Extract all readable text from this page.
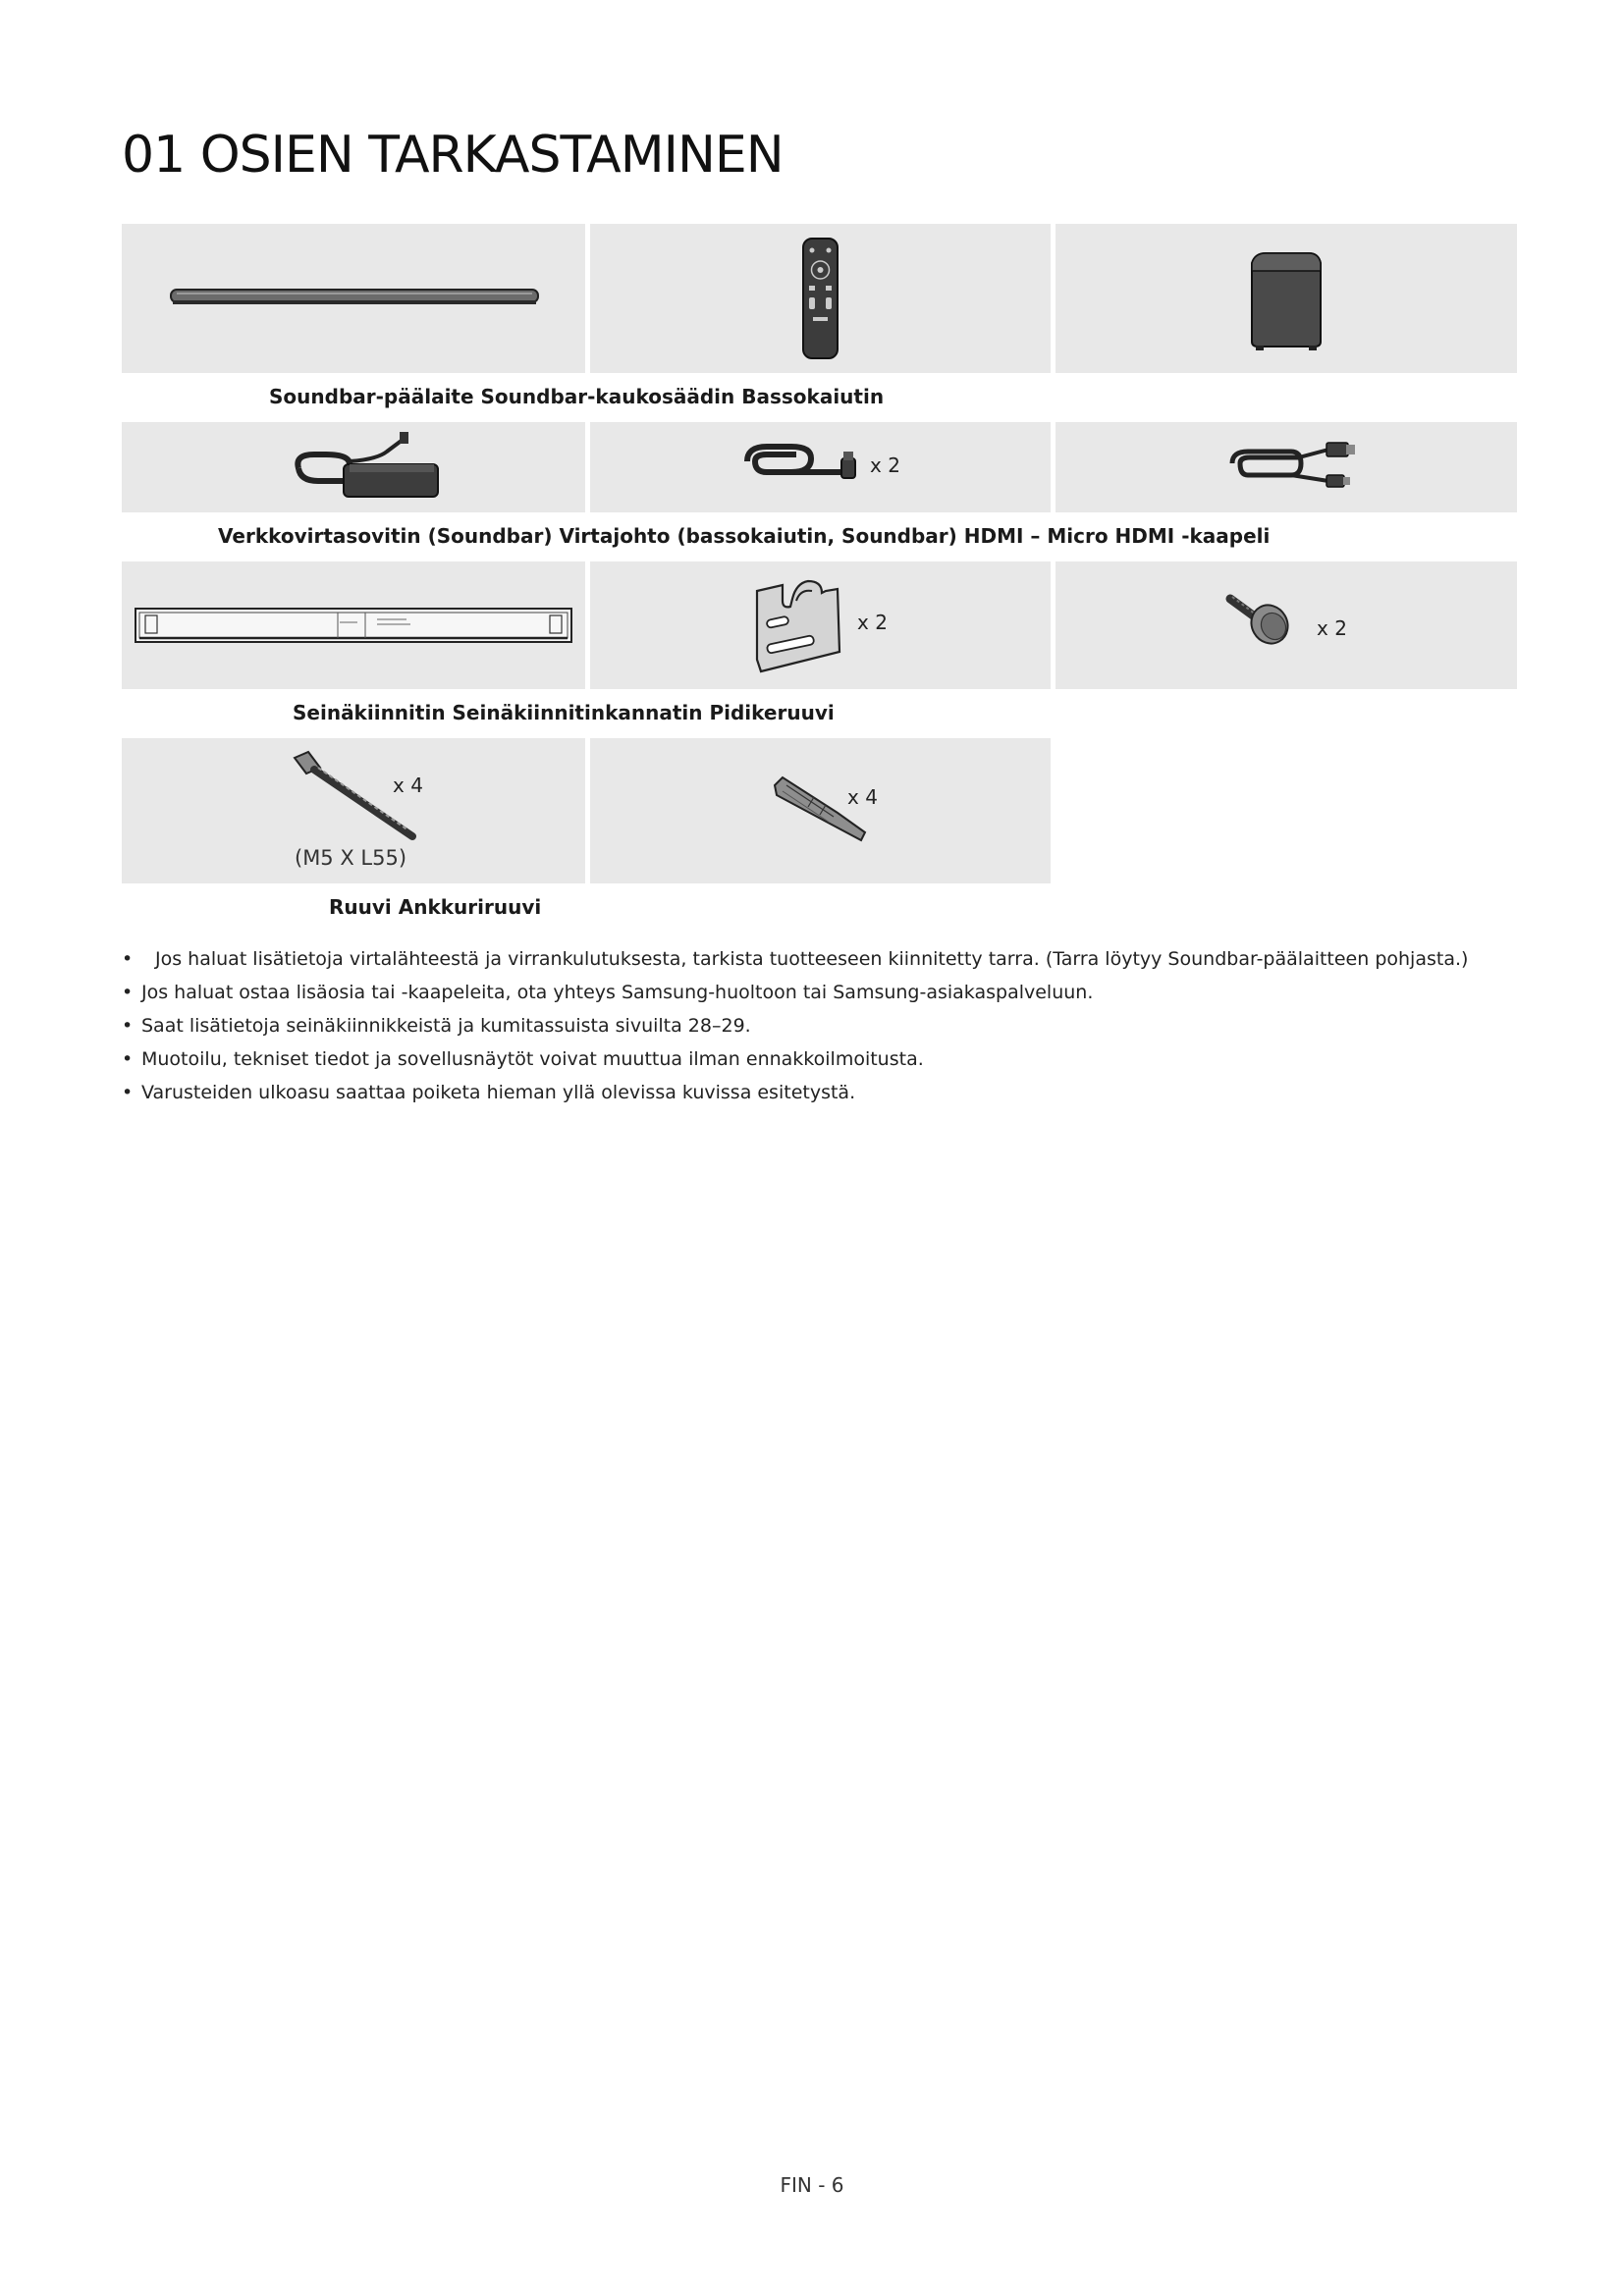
01 OSIEN TARKASTAMINEN
Soundbar-päälaite Soundbar-kaukosäädin Bassokaiutin
x 2
Verkkovirtasovitin (Soundbar) Virtajohto (bassokaiutin, Soundbar) HDMI – Micro HDMI -kaapeli
x 2	x 2
Seinäkiinnitin Seinäkiinnitinkannatin Pidikeruuvi
x 4
(M5 X L55)
x 4
Ruuvi Ankkuriruuvi
• Jos haluat lisätietoja virtalähteestä ja virrankulutuksesta, tarkista tuotteeseen kiinnitetty tarra. (Tarra löytyy Soundbar-päälaitteen pohjasta.)
• Jos haluat ostaa lisäosia tai -kaapeleita, ota yhteys Samsung-huoltoon tai Samsung-asiakaspalveluun.
• Saat lisätietoja seinäkiinnikkeistä ja kumitassuista sivuilta 28–29.
• Muotoilu, tekniset tiedot ja sovellusnäytöt voivat muuttua ilman ennakkoilmoitusta.
• Varusteiden ulkoasu saattaa poiketa hieman yllä olevissa kuvissa esitetystä.
FIN - 6
